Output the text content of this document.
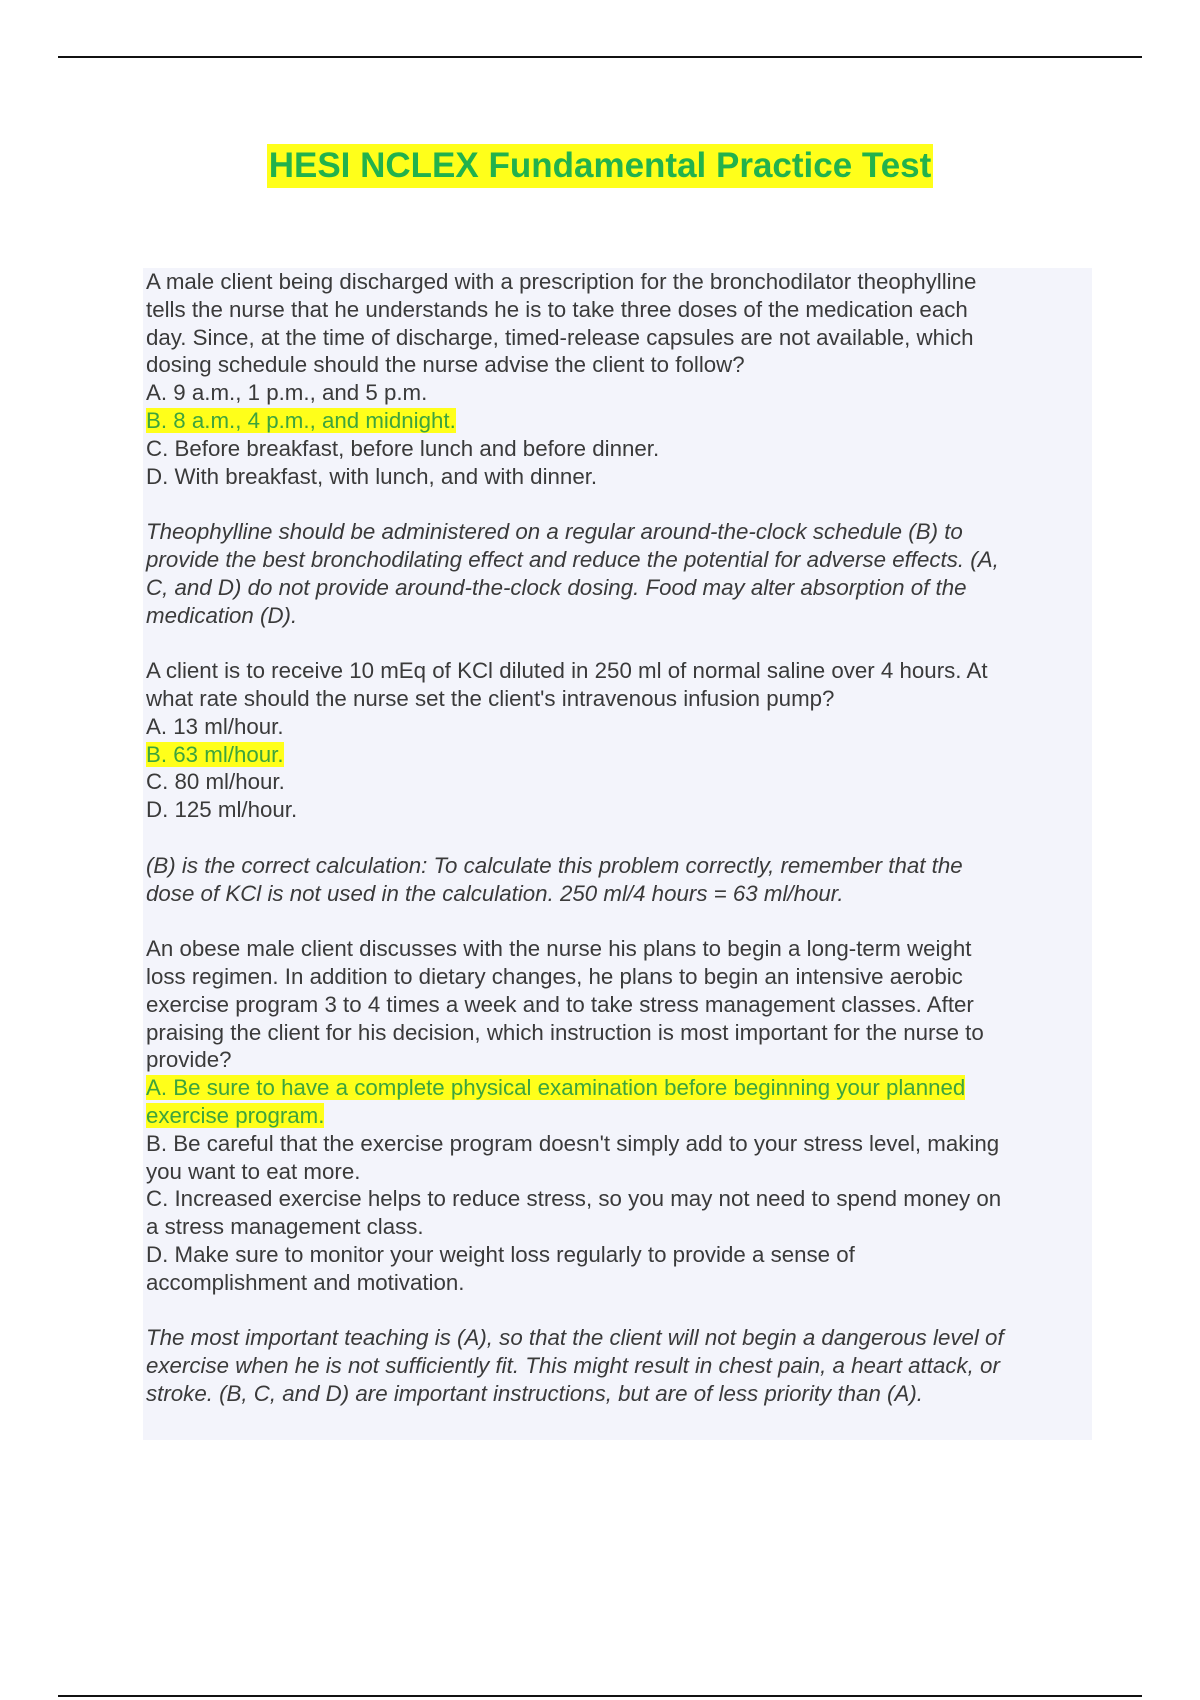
HESI NCLEX Fundamental Practice Test
A male client being discharged with a prescription for the bronchodilator theophylline
tells the nurse that he understands he is to take three doses of the medication each
day. Since, at the time of discharge, timed-release capsules are not available, which
dosing schedule should the nurse advise the client to follow?
A. 9 a.m., 1 p.m., and 5 p.m.
B. 8 a.m., 4 p.m., and midnight.
C. Before breakfast, before lunch and before dinner.
D. With breakfast, with lunch, and with dinner.
Theophylline should be administered on a regular around-the-clock schedule (B) to
provide the best bronchodilating effect and reduce the potential for adverse effects. (A,
C, and D) do not provide around-the-clock dosing. Food may alter absorption of the
medication (D).
A client is to receive 10 mEq of KCl diluted in 250 ml of normal saline over 4 hours. At
what rate should the nurse set the client's intravenous infusion pump?
A. 13 ml/hour.
B. 63 ml/hour.
C. 80 ml/hour.
D. 125 ml/hour.
(B) is the correct calculation: To calculate this problem correctly, remember that the
dose of KCl is not used in the calculation. 250 ml/4 hours = 63 ml/hour.
An obese male client discusses with the nurse his plans to begin a long-term weight
loss regimen. In addition to dietary changes, he plans to begin an intensive aerobic
exercise program 3 to 4 times a week and to take stress management classes. After
praising the client for his decision, which instruction is most important for the nurse to
provide?
A. Be sure to have a complete physical examination before beginning your planned
exercise program.
B. Be careful that the exercise program doesn't simply add to your stress level, making
you want to eat more.
C. Increased exercise helps to reduce stress, so you may not need to spend money on
a stress management class.
D. Make sure to monitor your weight loss regularly to provide a sense of
accomplishment and motivation.
The most important teaching is (A), so that the client will not begin a dangerous level of
exercise when he is not sufficiently fit. This might result in chest pain, a heart attack, or
stroke. (B, C, and D) are important instructions, but are of less priority than (A).
